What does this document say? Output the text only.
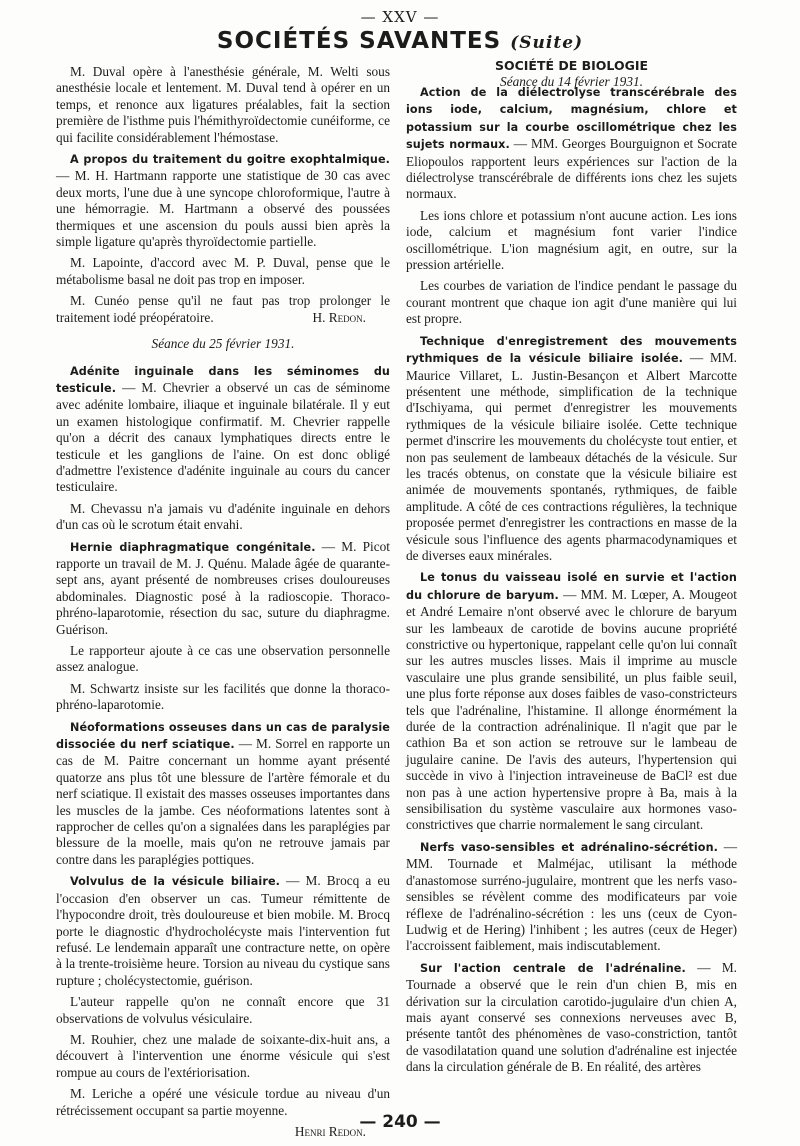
— XXV —
SOCIÉTÉS SAVANTES (Suite)

M. Duval opère à l'anesthésie générale, M. Welti sous anesthésie locale et lentement. M. Duval tend à opérer en un temps, et renonce aux ligatures préalables, fait la section première de l'isthme puis l'hémithyroïdectomie cunéiforme, ce qui facilite considérablement l'hémostase.

A propos du traitement du goitre exophtalmique. — M. H. Hartmann rapporte une statistique de 30 cas avec deux morts, l'une due à une syncope chloroformique, l'autre à une hémorragie. M. Hartmann a observé des poussées thermiques et une ascension du pouls aussi bien après la simple ligature qu'après thyroïdectomie partielle.

M. Lapointe, d'accord avec M. P. Duval, pense que le métabolisme basal ne doit pas trop en imposer.

M. Cunéo pense qu'il ne faut pas trop prolonger le traitement iodé préopératoire.	H. Redon.

Séance du 25 février 1931.

Adénite inguinale dans les séminomes du testicule. — M. Chevrier a observé un cas de séminome avec adénite lombaire, iliaque et inguinale bilatérale. Il y eut un examen histologique confirmatif. M. Chevrier rappelle qu'on a décrit des canaux lymphatiques directs entre le testicule et les ganglions de l'aine. On est donc obligé d'admettre l'existence d'adénite inguinale au cours du cancer testiculaire.

M. Chevassu n'a jamais vu d'adénite inguinale en dehors d'un cas où le scrotum était envahi.

Hernie diaphragmatique congénitale. — M. Picot rapporte un travail de M. J. Quénu. Malade âgée de quarante-sept ans, ayant présenté de nombreuses crises douloureuses abdominales. Diagnostic posé à la radioscopie. Thoraco-phréno-laparotomie, résection du sac, suture du diaphragme. Guérison.

Le rapporteur ajoute à ce cas une observation personnelle assez analogue.

M. Schwartz insiste sur les facilités que donne la thoraco-phréno-laparotomie.

Néoformations osseuses dans un cas de paralysie dissociée du nerf sciatique. — M. Sorrel en rapporte un cas de M. Paitre concernant un homme ayant présenté quatorze ans plus tôt une blessure de l'artère fémorale et du nerf sciatique. Il existait des masses osseuses importantes dans les muscles de la jambe. Ces néoformations latentes sont à rapprocher de celles qu'on a signalées dans les paraplégies par blessure de la moelle, mais qu'on ne retrouve jamais par contre dans les paraplégies pottiques.

Volvulus de la vésicule biliaire. — M. Brocq a eu l'occasion d'en observer un cas. Tumeur rémittente de l'hypocondre droit, très douloureuse et bien mobile. M. Brocq porte le diagnostic d'hydrocholécyste mais l'intervention fut refusé. Le lendemain apparaît une contracture nette, on opère à la trente-troisième heure. Torsion au niveau du cystique sans rupture ; cholécystectomie, guérison.

L'auteur rappelle qu'on ne connaît encore que 31 observations de volvulus vésiculaire.

M. Rouhier, chez une malade de soixante-dix-huit ans, a découvert à l'intervention une énorme vésicule qui s'est rompue au cours de l'extériorisation.

M. Leriche a opéré une vésicule tordue au niveau d'un rétrécissement occupant sa partie moyenne.

Henri Redon.

SOCIÉTÉ DE BIOLOGIE
Séance du 14 février 1931.

Action de la diélectrolyse transcérébrale des ions iode, calcium, magnésium, chlore et potassium sur la courbe oscillométrique chez les sujets normaux. — MM. Georges Bourguignon et Socrate Eliopoulos rapportent leurs expériences sur l'action de la diélectrolyse transcérébrale de différents ions chez les sujets normaux.

Les ions chlore et potassium n'ont aucune action. Les ions iode, calcium et magnésium font varier l'indice oscillométrique. L'ion magnésium agit, en outre, sur la pression artérielle.

Les courbes de variation de l'indice pendant le passage du courant montrent que chaque ion agit d'une manière qui lui est propre.

Technique d'enregistrement des mouvements rythmiques de la vésicule biliaire isolée. — MM. Maurice Villaret, L. Justin-Besançon et Albert Marcotte présentent une méthode, simplification de la technique d'Ischiyama, qui permet d'enregistrer les mouvements rythmiques de la vésicule biliaire isolée. Cette technique permet d'inscrire les mouvements du cholécyste tout entier, et non pas seulement de lambeaux détachés de la vésicule. Sur les tracés obtenus, on constate que la vésicule biliaire est animée de mouvements spontanés, rythmiques, de faible amplitude. A côté de ces contractions régulières, la technique proposée permet d'enregistrer les contractions en masse de la vésicule sous l'influence des agents pharmacodynamiques et de diverses eaux minérales.

Le tonus du vaisseau isolé en survie et l'action du chlorure de baryum. — MM. M. Lœper, A. Mougeot et André Lemaire n'ont observé avec le chlorure de baryum sur les lambeaux de carotide de bovins aucune propriété constrictive ou hypertonique, rappelant celle qu'on lui connaît sur les autres muscles lisses. Mais il imprime au muscle vasculaire une plus grande sensibilité, un plus faible seuil, une plus forte réponse aux doses faibles de vaso-constricteurs tels que l'adrénaline, l'histamine. Il allonge énormément la durée de la contraction adrénalinique. Il n'agit que par le cathion Ba et son action se retrouve sur le lambeau de jugulaire canine. De l'avis des auteurs, l'hypertension qui succède in vivo à l'injection intraveineuse de BaCl² est due non pas à une action hypertensive propre à Ba, mais à la sensibilisation du système vasculaire aux hormones vaso-constrictives que charrie normalement le sang circulant.

Nerfs vaso-sensibles et adrénalino-sécrétion. — MM. Tournade et Malméjac, utilisant la méthode d'anastomose surréno-jugulaire, montrent que les nerfs vaso-sensibles se révèlent comme des modificateurs par voie réflexe de l'adrénalino-sécrétion : les uns (ceux de Cyon-Ludwig et de Hering) l'inhibent ; les autres (ceux de Heger) l'accroissent faiblement, mais indiscutablement.

Sur l'action centrale de l'adrénaline. — M. Tournade a observé que le rein d'un chien B, mis en dérivation sur la circulation carotido-jugulaire d'un chien A, mais ayant conservé ses connexions nerveuses avec B, présente tantôt des phénomènes de vaso-constriction, tantôt de vasodilatation quand une solution d'adrénaline est injectée dans la circulation générale de B. En réalité, des artères

— 240 —
